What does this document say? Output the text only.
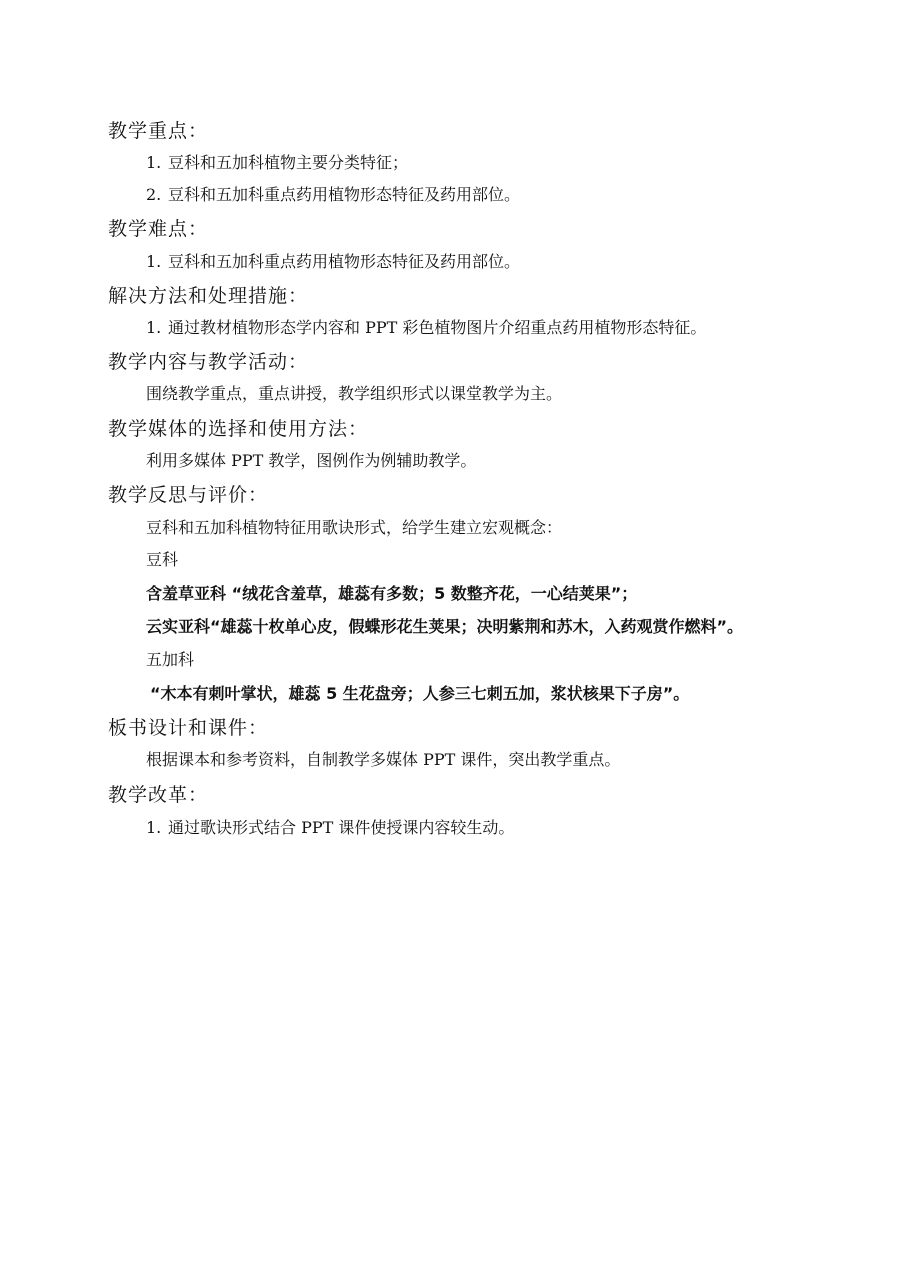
教学重点：
1. 豆科和五加科植物主要分类特征；
2. 豆科和五加科重点药用植物形态特征及药用部位。
教学难点：
1. 豆科和五加科重点药用植物形态特征及药用部位。
解决方法和处理措施：
1. 通过教材植物形态学内容和 PPT 彩色植物图片介绍重点药用植物形态特征。
教学内容与教学活动：
围绕教学重点，重点讲授，教学组织形式以课堂教学为主。
教学媒体的选择和使用方法：
利用多媒体 PPT 教学，图例作为例辅助教学。
教学反思与评价：
豆科和五加科植物特征用歌诀形式，给学生建立宏观概念：
豆科
含羞草亚科 “绒花含羞草，雄蕊有多数；5 数整齐花，一心结荚果”；
云实亚科“雄蕊十枚单心皮，假蝶形花生荚果；决明紫荆和苏木，入药观赏作燃料”。
五加科
“木本有刺叶掌状，雄蕊 5 生花盘旁；人参三七刺五加，浆状核果下子房”。
板书设计和课件：
根据课本和参考资料，自制教学多媒体 PPT 课件，突出教学重点。
教学改革：
1. 通过歌诀形式结合 PPT 课件使授课内容较生动。
